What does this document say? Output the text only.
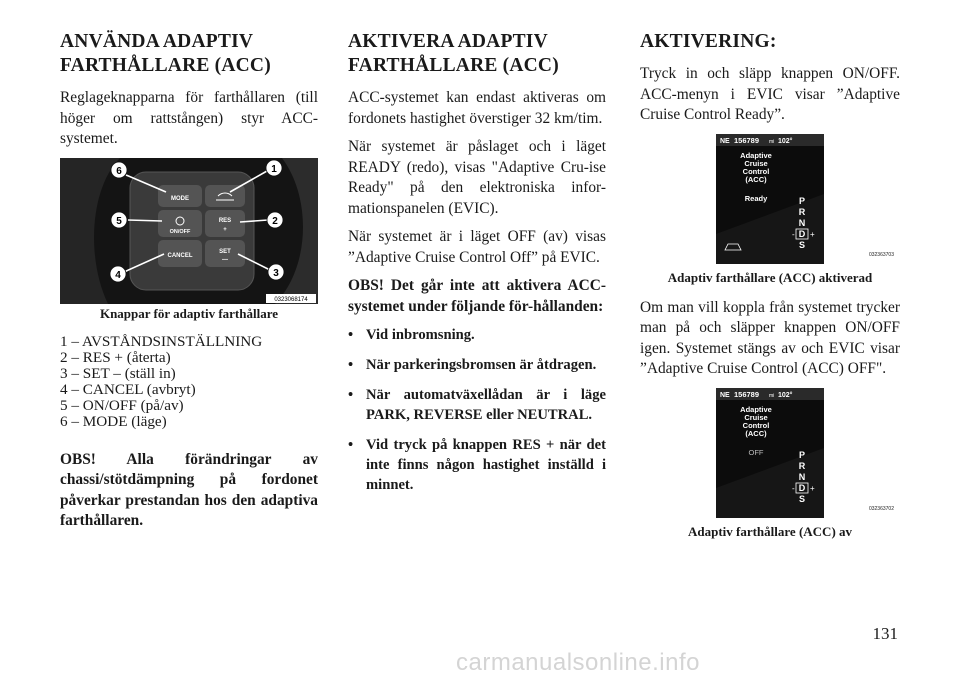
ANVÄNDA ADAPTIV
FARTHÅLLARE (ACC)

Reglageknapparna för farthållaren (till höger om rattstången) styr ACC-systemet.

MODE
ON/OFF
RES
+
CANCEL
SET
—
6	1
5	2
4	3
0323068174
Knappar för adaptiv farthållare
1 – AVSTÅNDSINSTÄLLNING
2 – RES + (återta)
3 – SET – (ställ in)
4 – CANCEL (avbryt)
5 – ON/OFF (på/av)
6 – MODE (läge)

OBS! Alla förändringar av chassi/stötdämpning på fordonet påverkar prestandan hos den adaptiva farthållaren.

AKTIVERA ADAPTIV
FARTHÅLLARE (ACC)

ACC-systemet kan endast aktiveras om fordonets hastighet överstiger 32 km/tim.

När systemet är påslaget och i läget READY (redo), visas "Adaptive Cru-ise Ready" på den elektroniska infor-mationspanelen (EVIC).

När systemet är i läget OFF (av) visas ”Adaptive Cruise Control Off” på EVIC.

OBS! Det går inte att aktivera ACC-systemet under följande för-hållanden:

• Vid inbromsning.
• När parkeringsbromsen är åtdragen.
• När automatväxellådan är i läge PARK, REVERSE eller NEUTRAL.
• Vid tryck på knappen RES + när det inte finns någon hastighet inställd i minnet.
AKTIVERING:

Tryck in och släpp knappen ON/OFF. ACC-menyn i EVIC visar ”Adaptive Cruise Control Ready”.

NE 156789 mi 102°
Adaptive
Cruise
Control
(ACC)
Ready	P
R
N
D
S
- +
032363703
Adaptiv farthållare (ACC) aktiverad

Om man vill koppla från systemet trycker man på och släpper knappen ON/OFF igen. Systemet stängs av och EVIC visar ”Adaptive Cruise Control (ACC) OFF".

NE 156789 mi 102°
Adaptive
Cruise
Control
(ACC)
OFF	P
R
N
D
S
- +
032363702
Adaptiv farthållare (ACC) av
131
carmanualsonline.info
